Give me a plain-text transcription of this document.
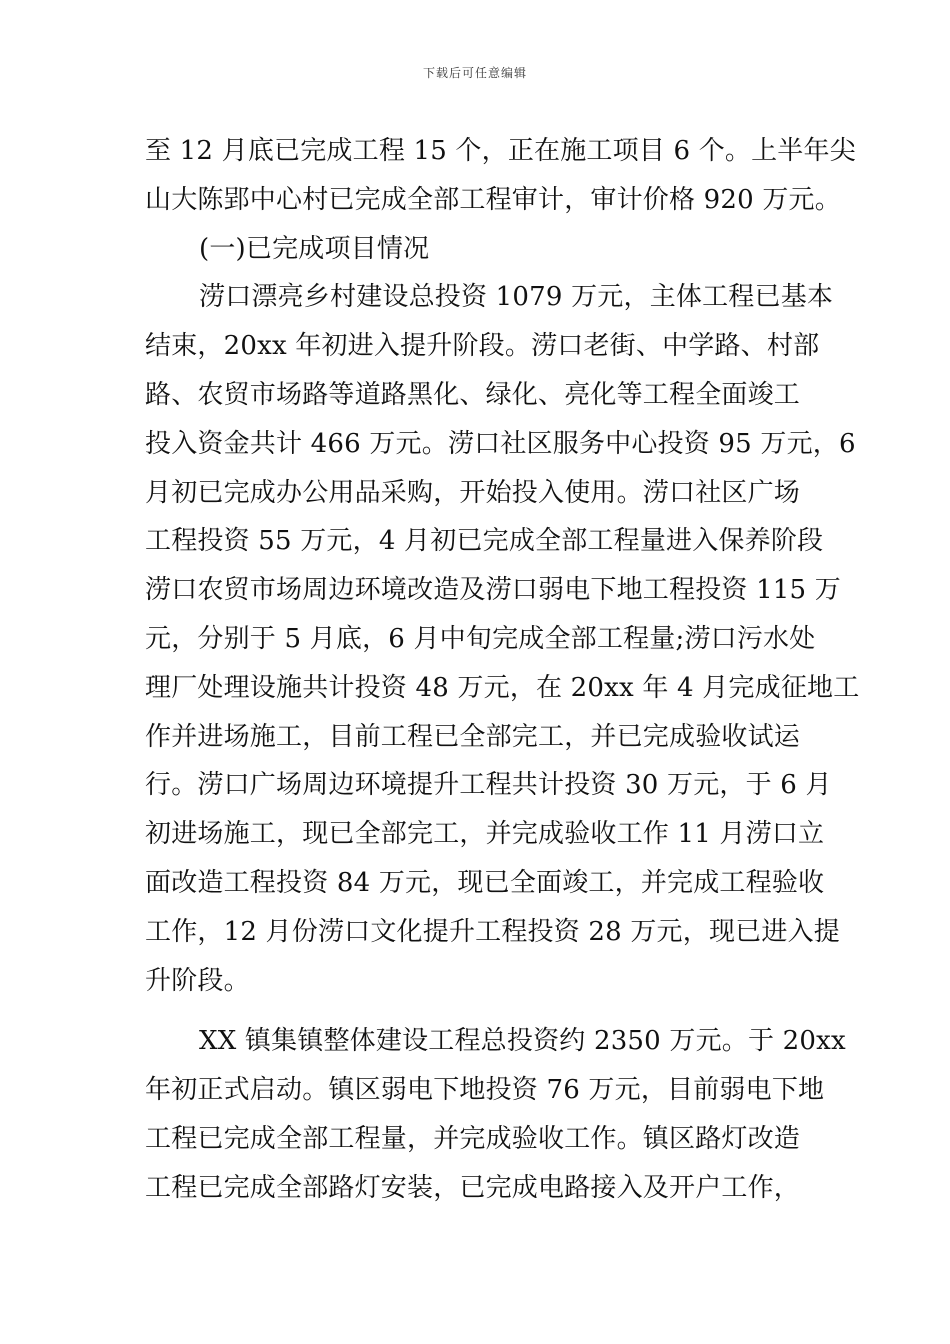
下载后可任意编辑
至 12 月底已完成工程 15 个，正在施工项目 6 个。上半年尖
山大陈郢中心村已完成全部工程审计，审计价格 920 万元。
(一)已完成项目情况
涝口漂亮乡村建设总投资 1079 万元，主体工程已基本
结束，20xx 年初进入提升阶段。涝口老街、中学路、村部
路、农贸市场路等道路黑化、绿化、亮化等工程全面竣工
投入资金共计 466 万元。涝口社区服务中心投资 95 万元，6
月初已完成办公用品采购，开始投入使用。涝口社区广场
工程投资 55 万元，4 月初已完成全部工程量进入保养阶段
涝口农贸市场周边环境改造及涝口弱电下地工程投资 115 万
元，分别于 5 月底，6 月中旬完成全部工程量;涝口污水处
理厂处理设施共计投资 48 万元，在 20xx 年 4 月完成征地工
作并进场施工，目前工程已全部完工，并已完成验收试运
行。涝口广场周边环境提升工程共计投资 30 万元，于 6 月
初进场施工，现已全部完工，并完成验收工作 11 月涝口立
面改造工程投资 84 万元，现已全面竣工，并完成工程验收
工作，12 月份涝口文化提升工程投资 28 万元，现已进入提
升阶段。
XX 镇集镇整体建设工程总投资约 2350 万元。于 20xx
年初正式启动。镇区弱电下地投资 76 万元，目前弱电下地
工程已完成全部工程量，并完成验收工作。镇区路灯改造
工程已完成全部路灯安装，已完成电路接入及开户工作，
